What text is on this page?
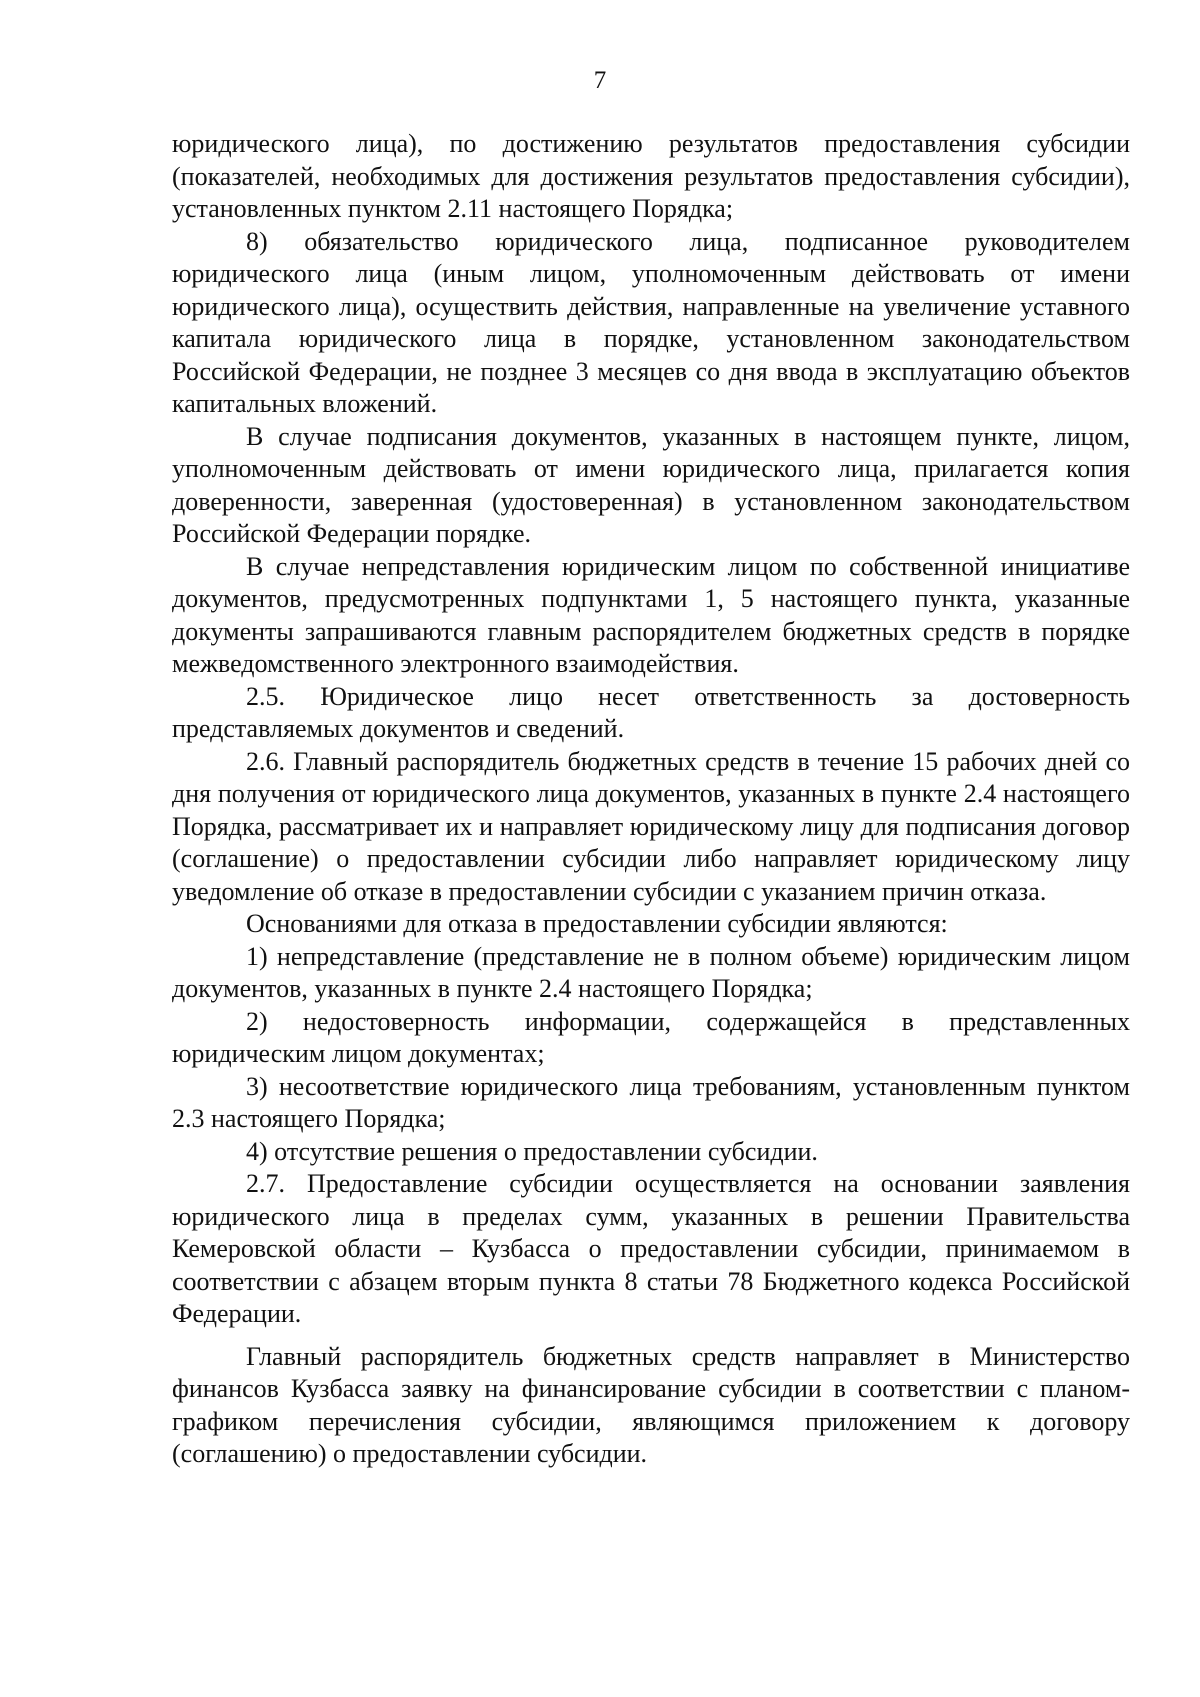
7

юридического лица), по достижению результатов предоставления субсидии (показателей, необходимых для достижения результатов предоставления субсидии), установленных пунктом 2.11 настоящего Порядка;

8) обязательство юридического лица, подписанное руководителем юридического лица (иным лицом, уполномоченным действовать от имени юридического лица), осуществить действия, направленные на увеличение уставного капитала юридического лица в порядке, установленном законодательством Российской Федерации, не позднее 3 месяцев со дня ввода в эксплуатацию объектов капитальных вложений.

В случае подписания документов, указанных в настоящем пункте, лицом, уполномоченным действовать от имени юридического лица, прилагается копия доверенности, заверенная (удостоверенная) в установленном законодательством Российской Федерации порядке.

В случае непредставления юридическим лицом по собственной инициативе документов, предусмотренных подпунктами 1, 5 настоящего пункта, указанные документы запрашиваются главным распорядителем бюджетных средств в порядке межведомственного электронного взаимодействия.

2.5. Юридическое лицо несет ответственность за достоверность представляемых документов и сведений.

2.6. Главный распорядитель бюджетных средств в течение 15 рабочих дней со дня получения от юридического лица документов, указанных в пункте 2.4 настоящего Порядка, рассматривает их и направляет юридическому лицу для подписания договор (соглашение) о предоставлении субсидии либо направляет юридическому лицу уведомление об отказе в предоставлении субсидии с указанием причин отказа.

Основаниями для отказа в предоставлении субсидии являются:

1) непредставление (представление не в полном объеме) юридическим лицом документов, указанных в пункте 2.4 настоящего Порядка;

2) недостоверность информации, содержащейся в представленных юридическим лицом документах;

3) несоответствие юридического лица требованиям, установленным пунктом 2.3 настоящего Порядка;

4) отсутствие решения о предоставлении субсидии.

2.7. Предоставление субсидии осуществляется на основании заявления юридического лица в пределах сумм, указанных в решении Правительства Кемеровской области – Кузбасса о предоставлении субсидии, принимаемом в соответствии с абзацем вторым пункта 8 статьи 78 Бюджетного кодекса Российской Федерации.

Главный распорядитель бюджетных средств направляет в Министерство финансов Кузбасса заявку на финансирование субсидии в соответствии с планом-графиком перечисления субсидии, являющимся приложением к договору (соглашению) о предоставлении субсидии.
